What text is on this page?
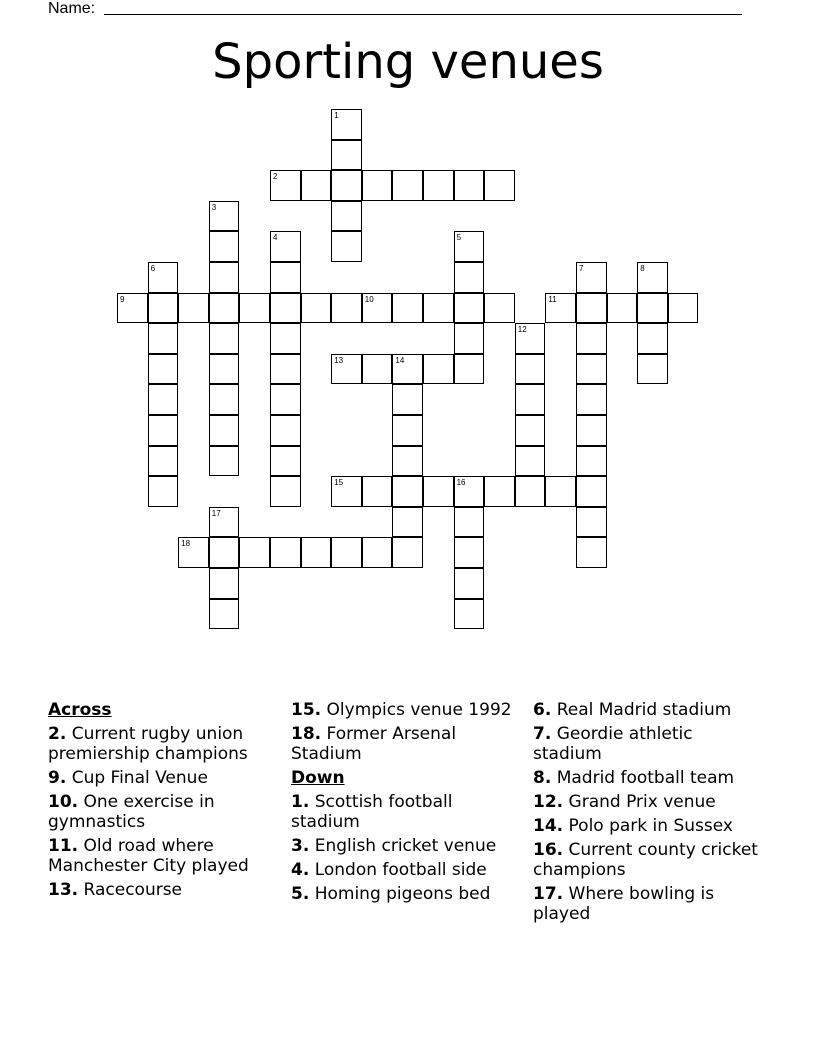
Name:
Sporting venues
1
2
3
4	5
6	7	8
9	10	11
12
13	14
15	16
17
18
Across
2. Current rugby union premiership champions
9. Cup Final Venue
10. One exercise in gymnastics
11. Old road where Manchester City played
13. Racecourse
15. Olympics venue 1992
18. Former Arsenal Stadium
Down
1. Scottish football stadium
3. English cricket venue
4. London football side
5. Homing pigeons bed
6. Real Madrid stadium
7. Geordie athletic stadium
8. Madrid football team
12. Grand Prix venue
14. Polo park in Sussex
16. Current county cricket champions
17. Where bowling is played
